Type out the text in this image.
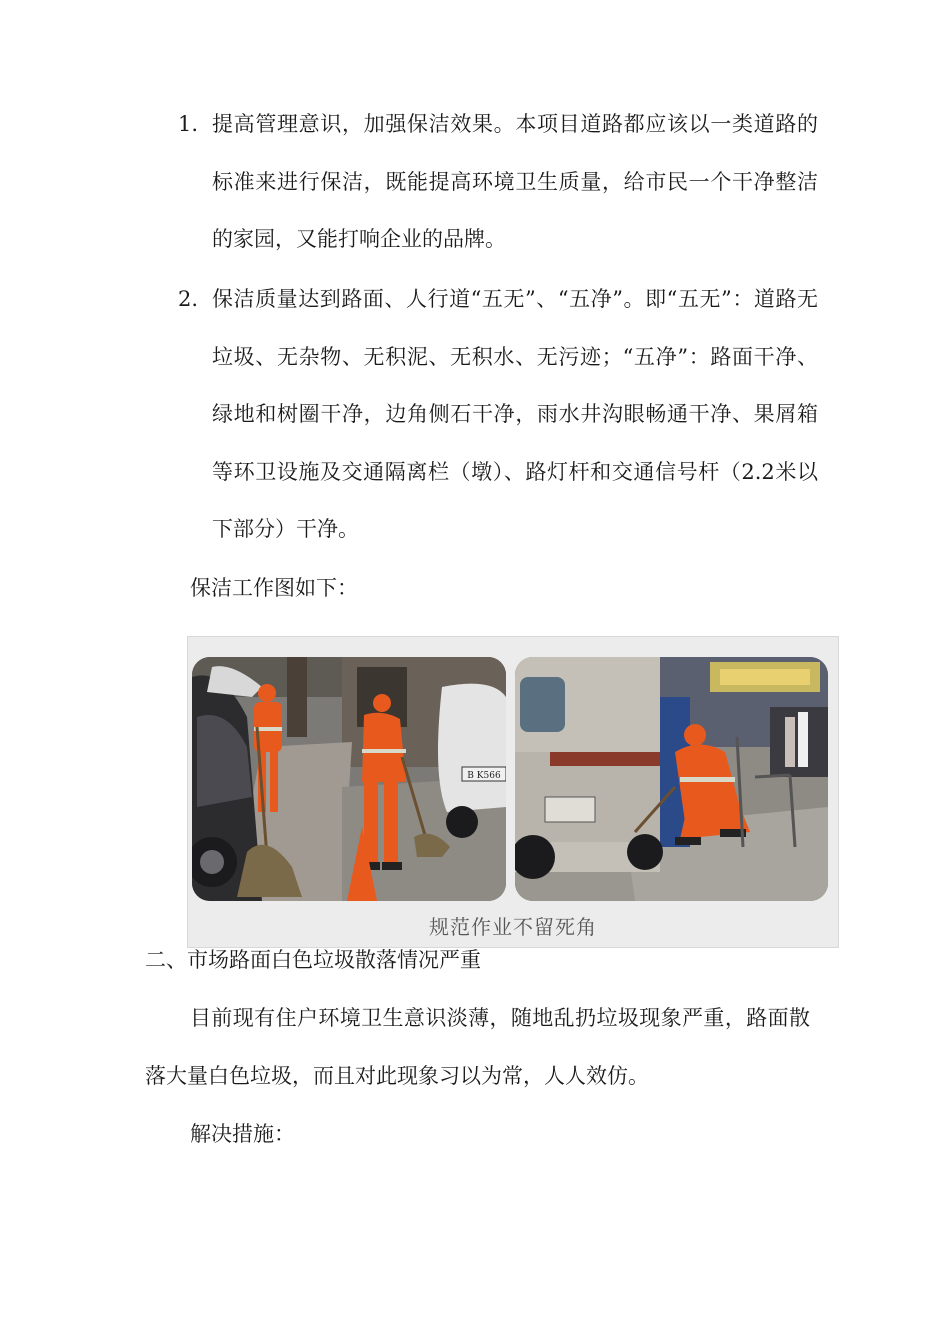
1. 提高管理意识，加强保洁效果。本项目道路都应该以一类道路的标准来进行保洁，既能提高环境卫生质量，给市民一个干净整洁的家园，又能打响企业的品牌。
2. 保洁质量达到路面、人行道“五无”、“五净”。即“五无”：道路无垃圾、无杂物、无积泥、无积水、无污迹；“五净”：路面干净、绿地和树圈干净，边角侧石干净，雨水井沟眼畅通干净、果屑箱等环卫设施及交通隔离栏（墩）、路灯杆和交通信号杆（2.2米以下部分）干净。
保洁工作图如下：
B K566
规范作业不留死角
二、市场路面白色垃圾散落情况严重
目前现有住户环境卫生意识淡薄，随地乱扔垃圾现象严重，路面散落大量白色垃圾，而且对此现象习以为常，人人效仿。
解决措施：
